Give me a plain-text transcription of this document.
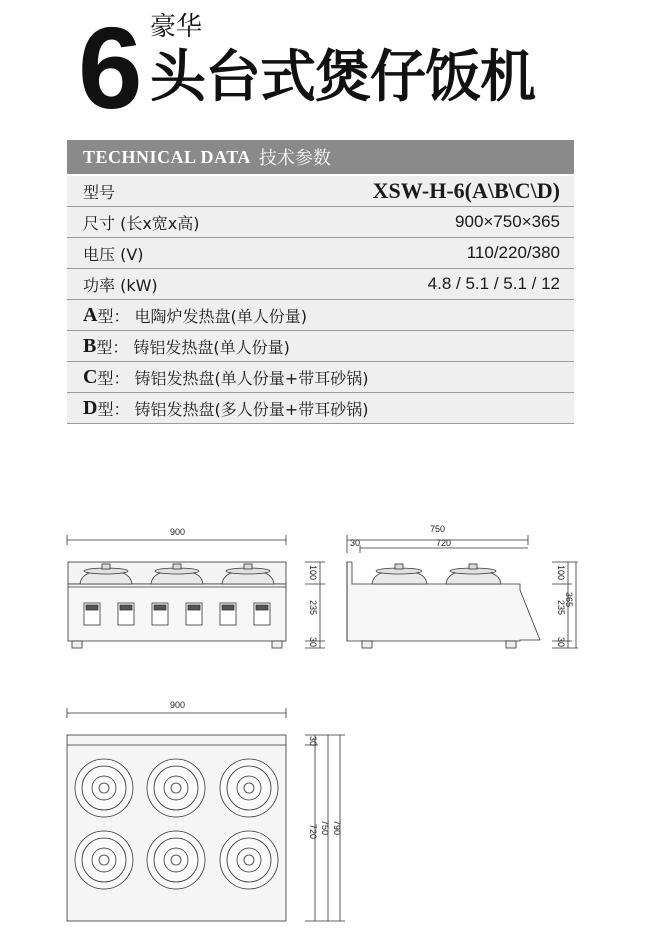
6 豪华
头台式煲仔饭机
TECHNICAL DATA 技术参数
型号	XSW-H-6(A\B\C\D)
尺寸 (长x宽x高)	900×750×365
电压 (V)	110/220/380
功率 (kW)	4.8 / 5.1 / 5.1 / 12
A 型： 电陶炉发热盘(单人份量)
B 型： 铸铝发热盘(单人份量)
C 型： 铸铝发热盘(单人份量+带耳砂锅)
D 型： 铸铝发热盘(多人份量+带耳砂锅)
900
100
235
30
750
30	720
100
235
365
30
900
30
720 750 790
